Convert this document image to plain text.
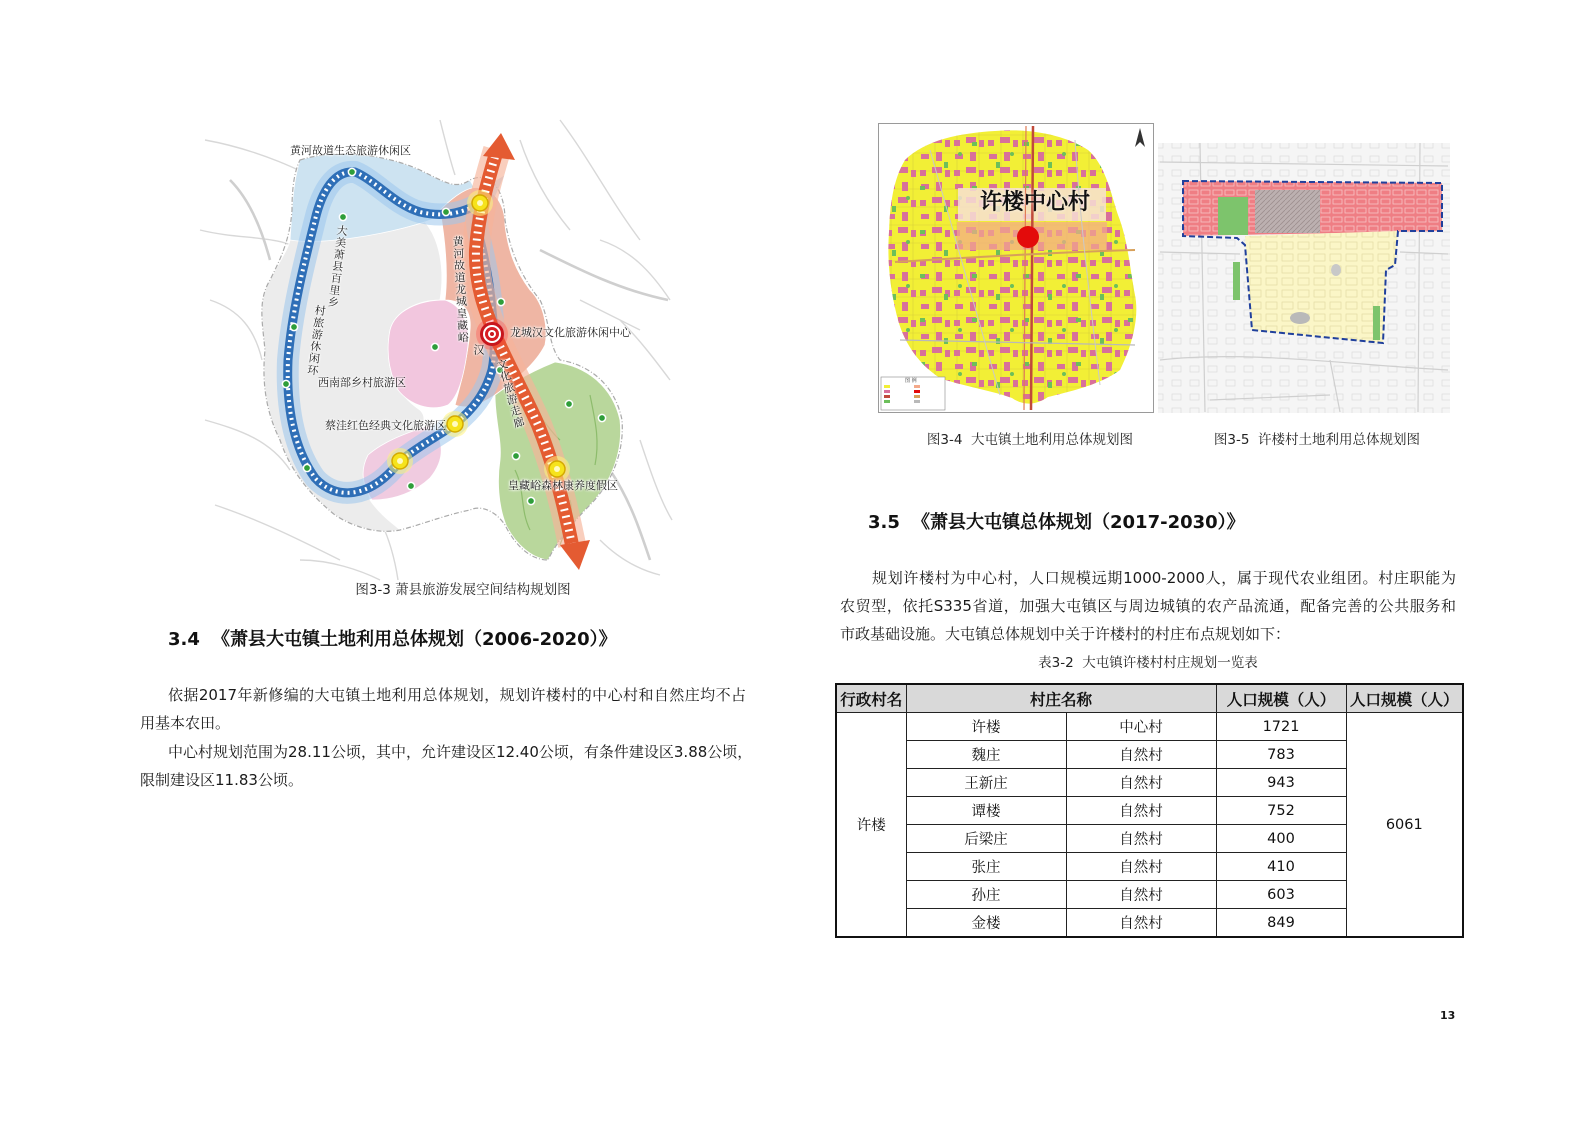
黄河故道生态旅游休闲区
大美萧县百里乡
村旅游休闲环	黄河故道龙城皇藏峪
汉
文化旅游走廊
龙城汉文化旅游休闲中心
西南部乡村旅游区
蔡洼红色经典文化旅游区
皇藏峪森林康养度假区
图3-3 萧县旅游发展空间结构规划图
3.4 《萧县大屯镇土地利用总体规划（2006-2020）》
依据2017年新修编的大屯镇土地利用总体规划，规划许楼村的中心村和自然庄均不占
用基本农田。
中心村规划范围为28.11公顷，其中，允许建设区12.40公顷，有条件建设区3.88公顷，
限制建设区11.83公顷。
图 例
许楼中心村
图3-4  大屯镇土地利用总体规划图	图3-5  许楼村土地利用总体规划图
3.5 《萧县大屯镇总体规划（2017-2030）》
规划许楼村为中心村，人口规模远期1000-2000人，属于现代农业组团。村庄职能为
农贸型，依托S335省道，加强大屯镇区与周边城镇的农产品流通，配备完善的公共服务和
市政基础设施。大屯镇总体规划中关于许楼村的村庄布点规划如下：
表3-2  大屯镇许楼村村庄规划一览表
行政村名	村庄名称		人口规模（人）	人口规模（人）
许楼	许楼	中心村	1721	6061
	魏庄	自然村	783	
	王新庄	自然村	943	
	谭楼	自然村	752	
	后梁庄	自然村	400	
	张庄	自然村	410	
	孙庄	自然村	603	
	金楼	自然村	849	
13
